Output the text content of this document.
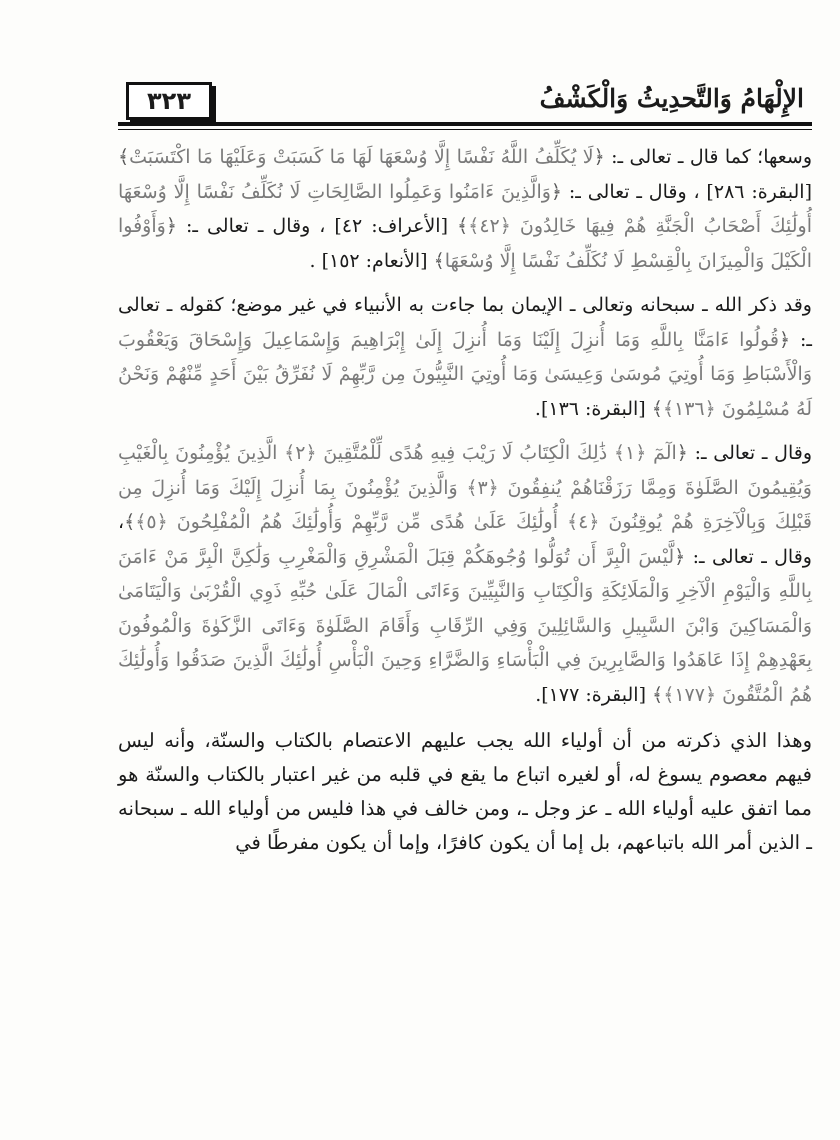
٣٢٣	الإِلْهَامُ وَالتَّحدِيثُ وَالْكَشْفُ

وسعها؛ كما قال ـ تعالى ـ: ﴿لَا يُكَلِّفُ اللَّهُ نَفْسًا إِلَّا وُسْعَهَا لَهَا مَا كَسَبَتْ وَعَلَيْهَا مَا اكْتَسَبَتْ﴾ [البقرة: ٢٨٦] ، وقال ـ تعالى ـ: ﴿وَالَّذِينَ ءَامَنُوا وَعَمِلُوا الصَّالِحَاتِ لَا نُكَلِّفُ نَفْسًا إِلَّا وُسْعَهَا أُولَٰئِكَ أَصْحَابُ الْجَنَّةِ هُمْ فِيهَا خَالِدُونَ ﴿٤٢﴾﴾ [الأعراف: ٤٢] ، وقال ـ تعالى ـ: ﴿وَأَوْفُوا الْكَيْلَ وَالْمِيزَانَ بِالْقِسْطِ لَا نُكَلِّفُ نَفْسًا إِلَّا وُسْعَهَا﴾ [الأنعام: ١٥٢] .

وقد ذكر الله ـ سبحانه وتعالى ـ الإيمان بما جاءت به الأنبياء في غير موضع؛ كقوله ـ تعالى ـ: ﴿قُولُوا ءَامَنَّا بِاللَّهِ وَمَا أُنزِلَ إِلَيْنَا وَمَا أُنزِلَ إِلَىٰ إِبْرَاهِيمَ وَإِسْمَاعِيلَ وَإِسْحَاقَ وَيَعْقُوبَ وَالْأَسْبَاطِ وَمَا أُوتِيَ مُوسَىٰ وَعِيسَىٰ وَمَا أُوتِيَ النَّبِيُّونَ مِن رَّبِّهِمْ لَا نُفَرِّقُ بَيْنَ أَحَدٍ مِّنْهُمْ وَنَحْنُ لَهُ مُسْلِمُونَ ﴿١٣٦﴾﴾ [البقرة: ١٣٦].

وقال ـ تعالى ـ: ﴿الٓمٓ ﴿١﴾ ذَٰلِكَ الْكِتَابُ لَا رَيْبَ فِيهِ هُدًى لِّلْمُتَّقِينَ ﴿٢﴾ الَّذِينَ يُؤْمِنُونَ بِالْغَيْبِ وَيُقِيمُونَ الصَّلَوٰةَ وَمِمَّا رَزَقْنَاهُمْ يُنفِقُونَ ﴿٣﴾ وَالَّذِينَ يُؤْمِنُونَ بِمَا أُنزِلَ إِلَيْكَ وَمَا أُنزِلَ مِن قَبْلِكَ وَبِالْآخِرَةِ هُمْ يُوقِنُونَ ﴿٤﴾ أُولَٰئِكَ عَلَىٰ هُدًى مِّن رَّبِّهِمْ وَأُولَٰئِكَ هُمُ الْمُفْلِحُونَ ﴿٥﴾﴾، وقال ـ تعالى ـ: ﴿لَّيْسَ الْبِرَّ أَن تُوَلُّوا وُجُوهَكُمْ قِبَلَ الْمَشْرِقِ وَالْمَغْرِبِ وَلَٰكِنَّ الْبِرَّ مَنْ ءَامَنَ بِاللَّهِ وَالْيَوْمِ الْآخِرِ وَالْمَلَائِكَةِ وَالْكِتَابِ وَالنَّبِيِّينَ وَءَاتَى الْمَالَ عَلَىٰ حُبِّهِ ذَوِي الْقُرْبَىٰ وَالْيَتَامَىٰ وَالْمَسَاكِينَ وَابْنَ السَّبِيلِ وَالسَّائِلِينَ وَفِي الرِّقَابِ وَأَقَامَ الصَّلَوٰةَ وَءَاتَى الزَّكَوٰةَ وَالْمُوفُونَ بِعَهْدِهِمْ إِذَا عَاهَدُوا وَالصَّابِرِينَ فِي الْبَأْسَاءِ وَالضَّرَّاءِ وَحِينَ الْبَأْسِ أُولَٰئِكَ الَّذِينَ صَدَقُوا وَأُولَٰئِكَ هُمُ الْمُتَّقُونَ ﴿١٧٧﴾﴾ [البقرة: ١٧٧].

وهذا الذي ذكرته من أن أولياء الله يجب عليهم الاعتصام بالكتاب والسنّة، وأنه ليس فيهم معصوم يسوغ له، أو لغيره اتباع ما يقع في قلبه من غير اعتبار بالكتاب والسنّة هو مما اتفق عليه أولياء الله ـ عز وجل ـ، ومن خالف في هذا فليس من أولياء الله ـ سبحانه ـ الذين أمر الله باتباعهم، بل إما أن يكون كافرًا، وإما أن يكون مفرطًا في
